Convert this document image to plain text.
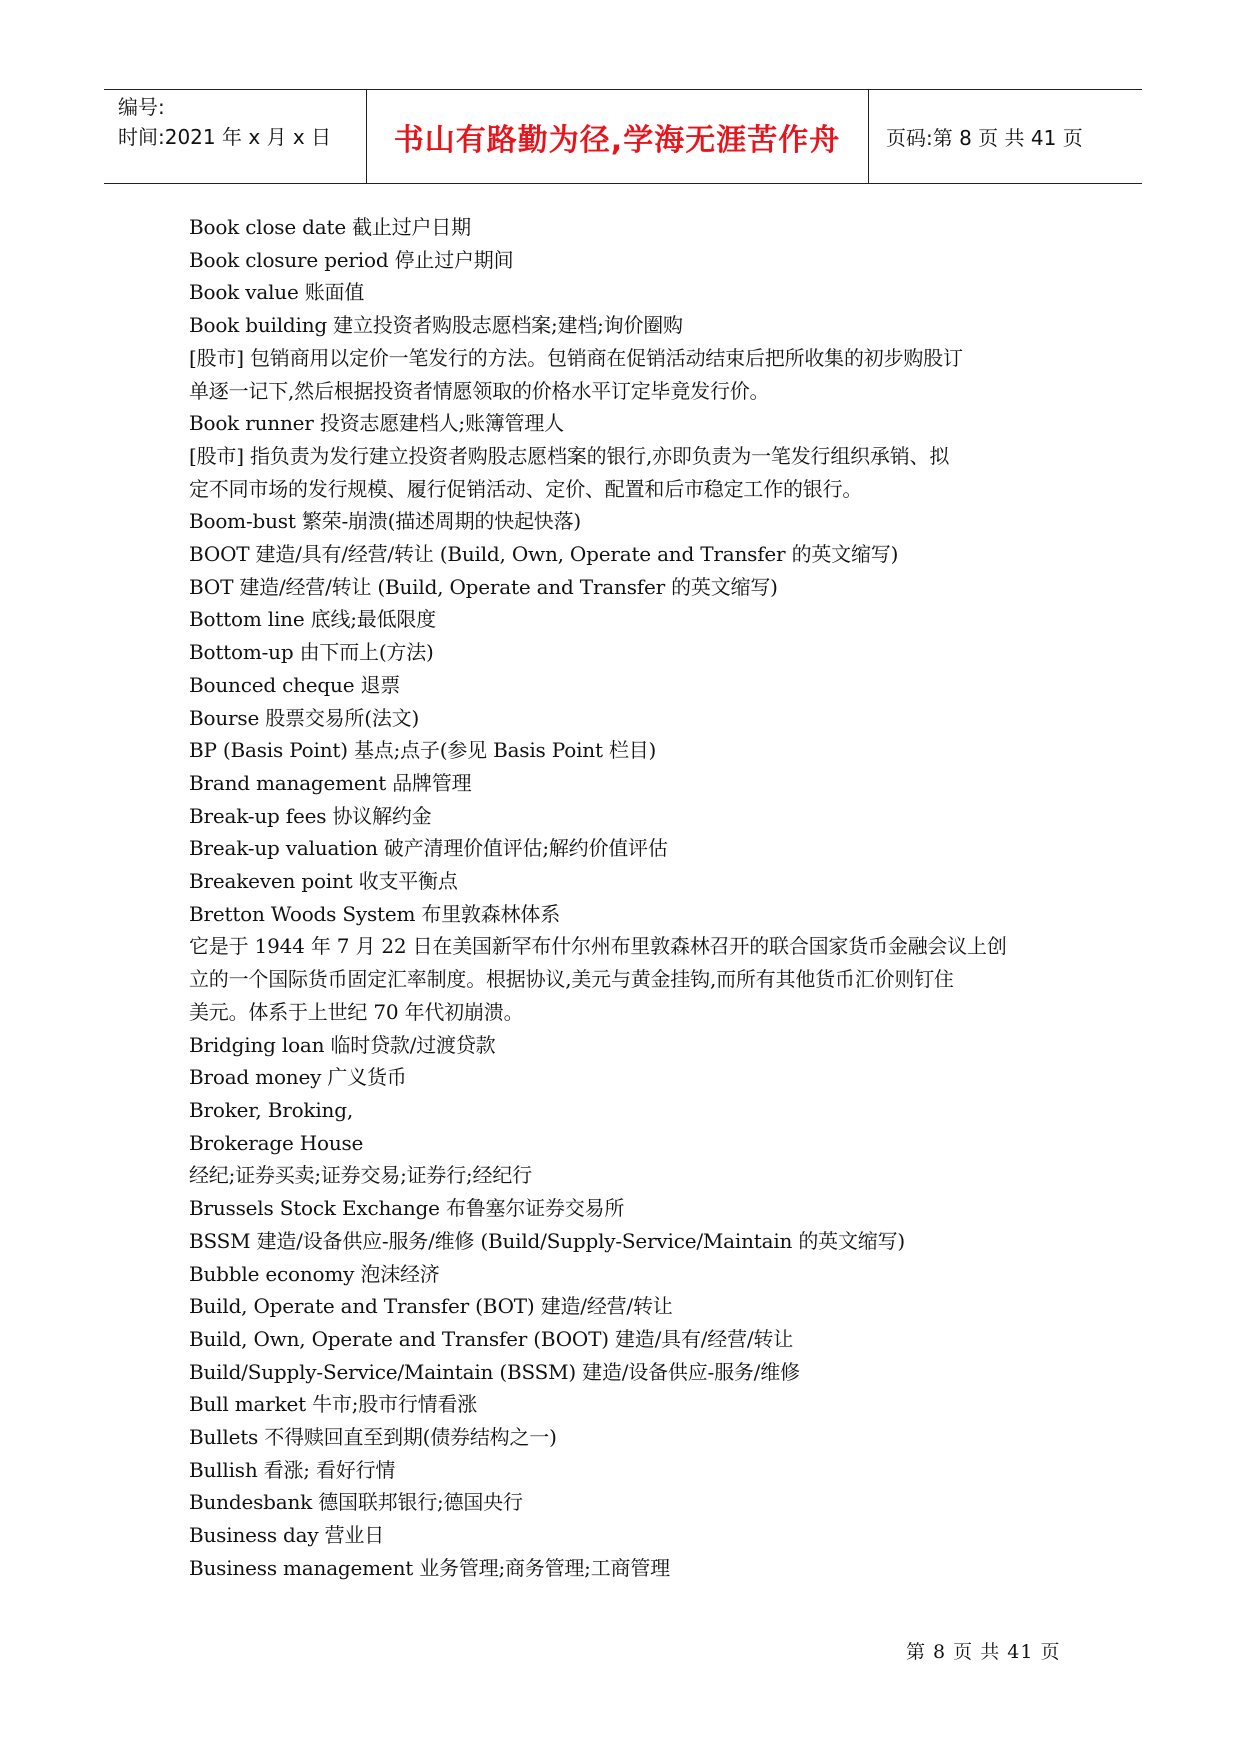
编号:
时间:2021 年 x 月 x 日	书山有路勤为径,学海无涯苦作舟	页码:第 8 页 共 41 页
Book close date 截止过户日期
Book closure period 停止过户期间
Book value 账面值
Book building 建立投资者购股志愿档案;建档;询价圈购
[股市] 包销商用以定价一笔发行的方法。包销商在促销活动结束后把所收集的初步购股订
单逐一记下,然后根据投资者情愿领取的价格水平订定毕竟发行价。
Book runner 投资志愿建档人;账簿管理人
[股市] 指负责为发行建立投资者购股志愿档案的银行,亦即负责为一笔发行组织承销、拟
定不同市场的发行规模、履行促销活动、定价、配置和后市稳定工作的银行。
Boom-bust 繁荣-崩溃(描述周期的快起快落)
BOOT 建造/具有/经营/转让 (Build, Own, Operate and Transfer 的英文缩写)
BOT 建造/经营/转让 (Build, Operate and Transfer 的英文缩写)
Bottom line 底线;最低限度
Bottom-up 由下而上(方法)
Bounced cheque 退票
Bourse 股票交易所(法文)
BP (Basis Point) 基点;点子(参见 Basis Point 栏目)
Brand management 品牌管理
Break-up fees 协议解约金
Break-up valuation 破产清理价值评估;解约价值评估
Breakeven point 收支平衡点
Bretton Woods System 布里敦森林体系
它是于 1944 年 7 月 22 日在美国新罕布什尔州布里敦森林召开的联合国家货币金融会议上创
立的一个国际货币固定汇率制度。根据协议,美元与黄金挂钩,而所有其他货币汇价则钉住
美元。体系于上世纪 70 年代初崩溃。
Bridging loan 临时贷款/过渡贷款
Broad money 广义货币
Broker, Broking,
Brokerage House
经纪;证券买卖;证券交易;证券行;经纪行
Brussels Stock Exchange 布鲁塞尔证券交易所
BSSM 建造/设备供应-服务/维修 (Build/Supply-Service/Maintain 的英文缩写)
Bubble economy 泡沫经济
Build, Operate and Transfer (BOT) 建造/经营/转让
Build, Own, Operate and Transfer (BOOT) 建造/具有/经营/转让
Build/Supply-Service/Maintain (BSSM) 建造/设备供应-服务/维修
Bull market 牛市;股市行情看涨
Bullets 不得赎回直至到期(债券结构之一)
Bullish 看涨; 看好行情
Bundesbank 德国联邦银行;德国央行
Business day 营业日
Business management 业务管理;商务管理;工商管理
第 8 页 共 41 页
